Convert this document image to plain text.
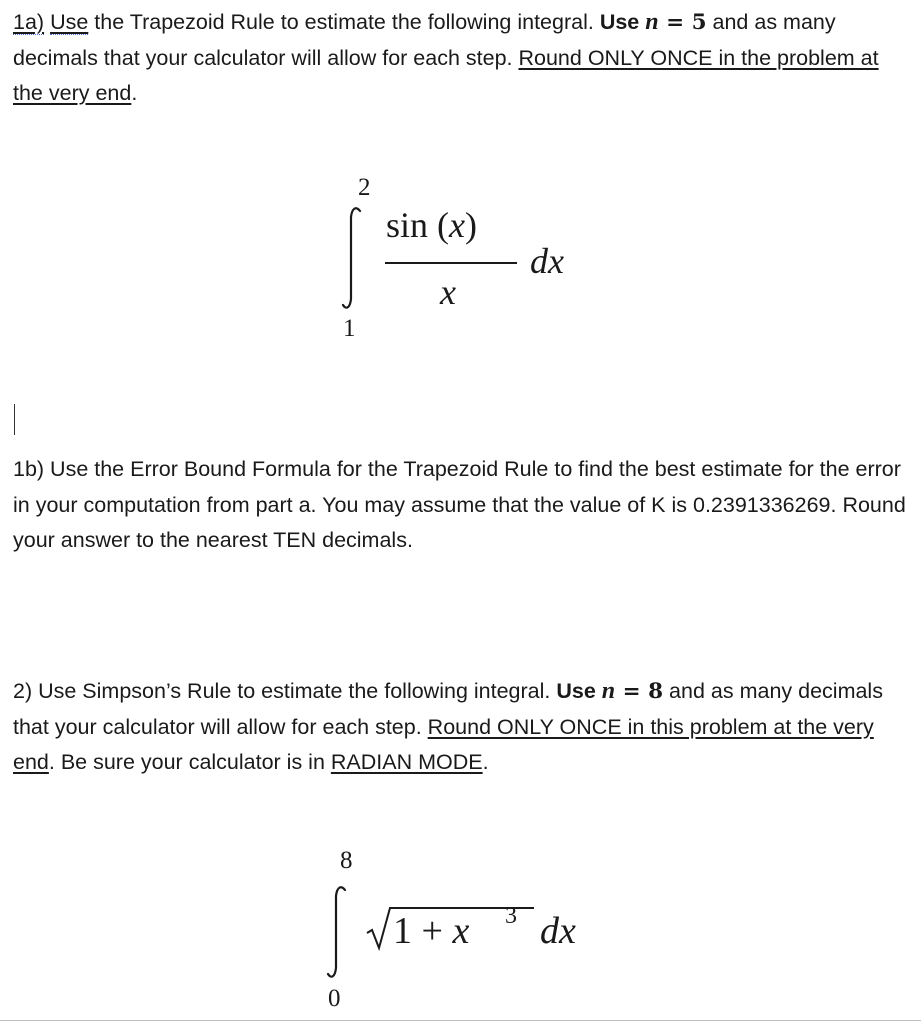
1a) Use the Trapezoid Rule to estimate the following integral. Use n = 5 and as many decimals that your calculator will allow for each step. Round ONLY ONCE in the problem at the very end.

2
1
sin (x)
x
dx

1b) Use the Error Bound Formula for the Trapezoid Rule to find the best estimate for the error in your computation from part a. You may assume that the value of K is 0.2391336269. Round your answer to the nearest TEN decimals.

2) Use Simpson’s Rule to estimate the following integral. Use n = 8 and as many decimals that your calculator will allow for each step. Round ONLY ONCE in this problem at the very end. Be sure your calculator is in RADIAN MODE.

8
0
1 + x 3 dx
